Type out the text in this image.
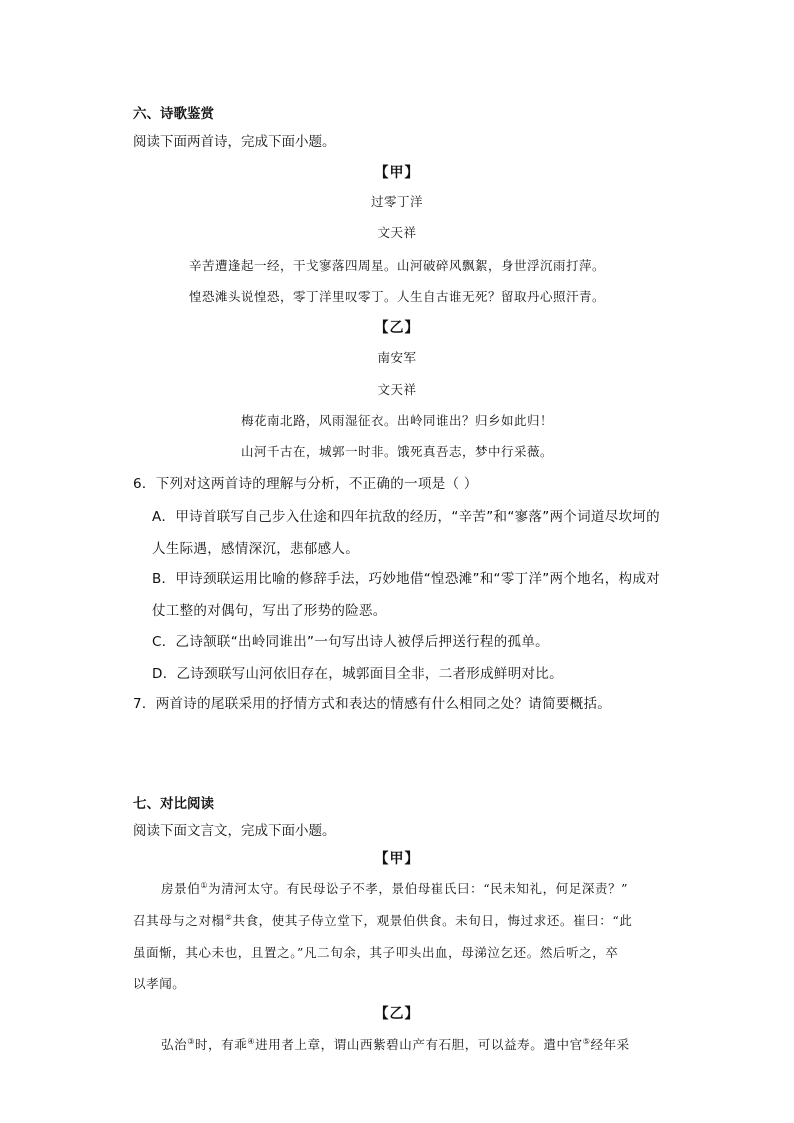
六、诗歌鉴赏
阅读下面两首诗，完成下面小题。
【甲】
过零丁洋
文天祥
辛苦遭逢起一经，干戈寥落四周星。山河破碎风飘絮，身世浮沉雨打萍。
惶恐滩头说惶恐，零丁洋里叹零丁。人生自古谁无死？留取丹心照汗青。
【乙】
南安军
文天祥
梅花南北路，风雨湿征衣。出岭同谁出？归乡如此归！
山河千古在，城郭一时非。饿死真吾志，梦中行采薇。
6．下列对这两首诗的理解与分析，不正确的一项是（ ）
A．甲诗首联写自己步入仕途和四年抗敌的经历，“辛苦”和“寥落”两个词道尽坎坷的
人生际遇，感情深沉，悲郁感人。
B．甲诗颈联运用比喻的修辞手法，巧妙地借“惶恐滩”和“零丁洋”两个地名，构成对
仗工整的对偶句，写出了形势的险恶。
C．乙诗颔联“出岭同谁出”一句写出诗人被俘后押送行程的孤单。
D．乙诗颈联写山河依旧存在，城郭面目全非，二者形成鲜明对比。
7．两首诗的尾联采用的抒情方式和表达的情感有什么相同之处？请简要概括。
七、对比阅读
阅读下面文言文，完成下面小题。
【甲】
房景伯①为清河太守。有民母讼子不孝，景伯母崔氏曰：“民未知礼，何足深责？”
召其母与之对榻②共食，使其子侍立堂下，观景伯供食。未旬日，悔过求还。崔曰：“此
虽面惭，其心未也，且置之。”凡二旬余，其子叩头出血，母涕泣乞还。然后听之，卒
以孝闻。
【乙】
弘治③时，有乖④进用者上章，谓山西紫碧山产有石胆，可以益寿。遣中官⑤经年采
